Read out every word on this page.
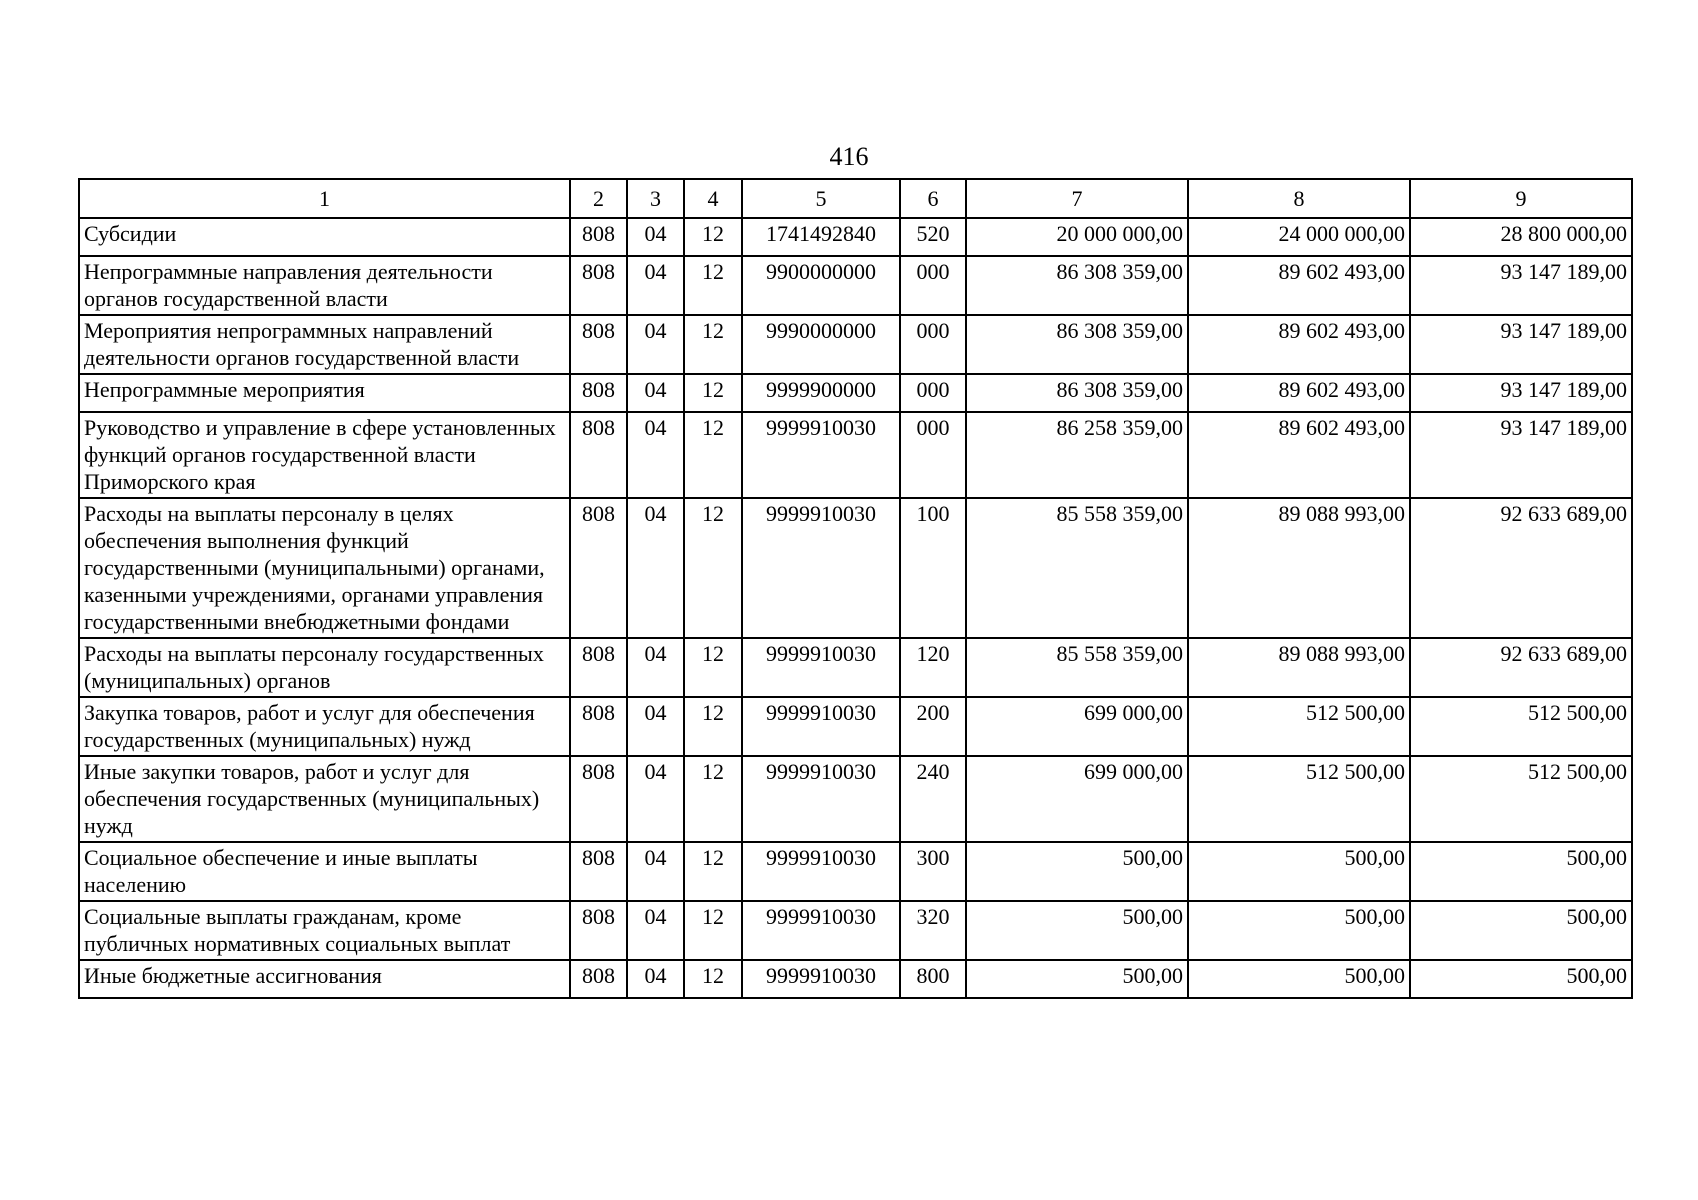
416
1	2	3	4	5	6	7	8	9
Субсидии	808	04	12	1741492840	520	20 000 000,00	24 000 000,00	28 800 000,00
Непрограммные направления деятельности органов государственной власти	808	04	12	9900000000	000	86 308 359,00	89 602 493,00	93 147 189,00
Мероприятия непрограммных направлений деятельности органов государственной власти	808	04	12	9990000000	000	86 308 359,00	89 602 493,00	93 147 189,00
Непрограммные мероприятия	808	04	12	9999900000	000	86 308 359,00	89 602 493,00	93 147 189,00
Руководство и управление в сфере установленных функций органов государственной власти Приморского края	808	04	12	9999910030	000	86 258 359,00	89 602 493,00	93 147 189,00
Расходы на выплаты персоналу в целях обеспечения выполнения функций государственными (муниципальными) органами, казенными учреждениями, органами управления государственными внебюджетными фондами	808	04	12	9999910030	100	85 558 359,00	89 088 993,00	92 633 689,00
Расходы на выплаты персоналу государственных (муниципальных) органов	808	04	12	9999910030	120	85 558 359,00	89 088 993,00	92 633 689,00
Закупка товаров, работ и услуг для обеспечения государственных (муниципальных) нужд	808	04	12	9999910030	200	699 000,00	512 500,00	512 500,00
Иные закупки товаров, работ и услуг для обеспечения государственных (муниципальных) нужд	808	04	12	9999910030	240	699 000,00	512 500,00	512 500,00
Социальное обеспечение и иные выплаты населению	808	04	12	9999910030	300	500,00	500,00	500,00
Социальные выплаты гражданам, кроме публичных нормативных социальных выплат	808	04	12	9999910030	320	500,00	500,00	500,00
Иные бюджетные ассигнования	808	04	12	9999910030	800	500,00	500,00	500,00
